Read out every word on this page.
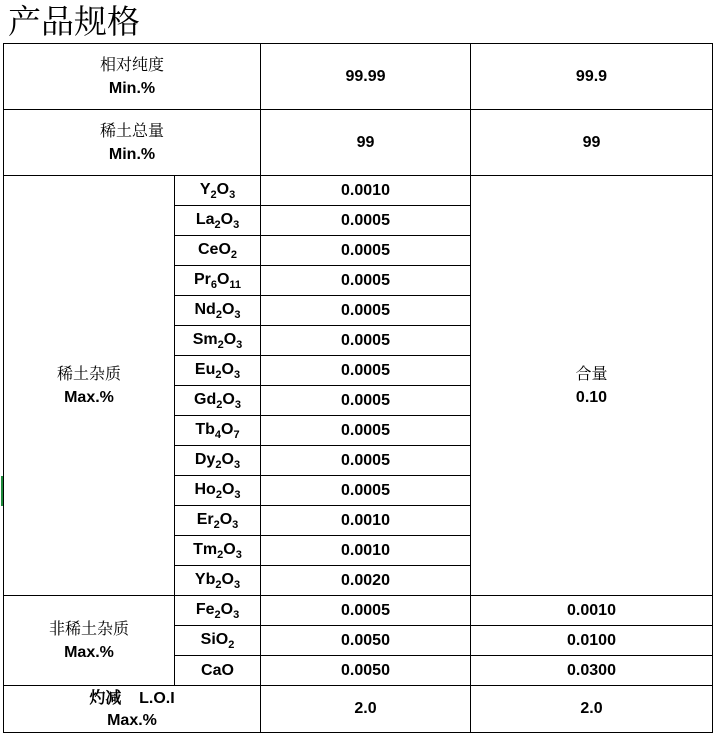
产品规格
相对纯度
Min.%		99.99	99.9

稀土总量
Min.%		99	99

稀土杂质
Max.%	$Y_2O_3$	0.0010	合量
0.10

	$La_2O_3$	0.0005	
	CeO$_2$	0.0005	
	$Pr_6O_{11}$	0.0005	
	$Nd_2O_3$	0.0005	
	$Sm_2O_3$	0.0005	
	$Eu_2O_3$	0.0005	
	$Gd_2O_3$	0.0005	
	$Tb_4O_7$	0.0005	
	$Dy_2O_3$	0.0005	
	$Ho_2O_3$	0.0005	
	$Er_2O_3$	0.0010	
	$Tm_2O_3$	0.0010	
	$Yb_2O_3$	0.0020	

非稀土杂质
Max.%	$Fe_2O_3$	0.0005	0.0010
	SiO$_2$	0.0050	0.0100
	CaO	0.0050	0.0300

灼减 L.O.I
Max.%		2.0	2.0
